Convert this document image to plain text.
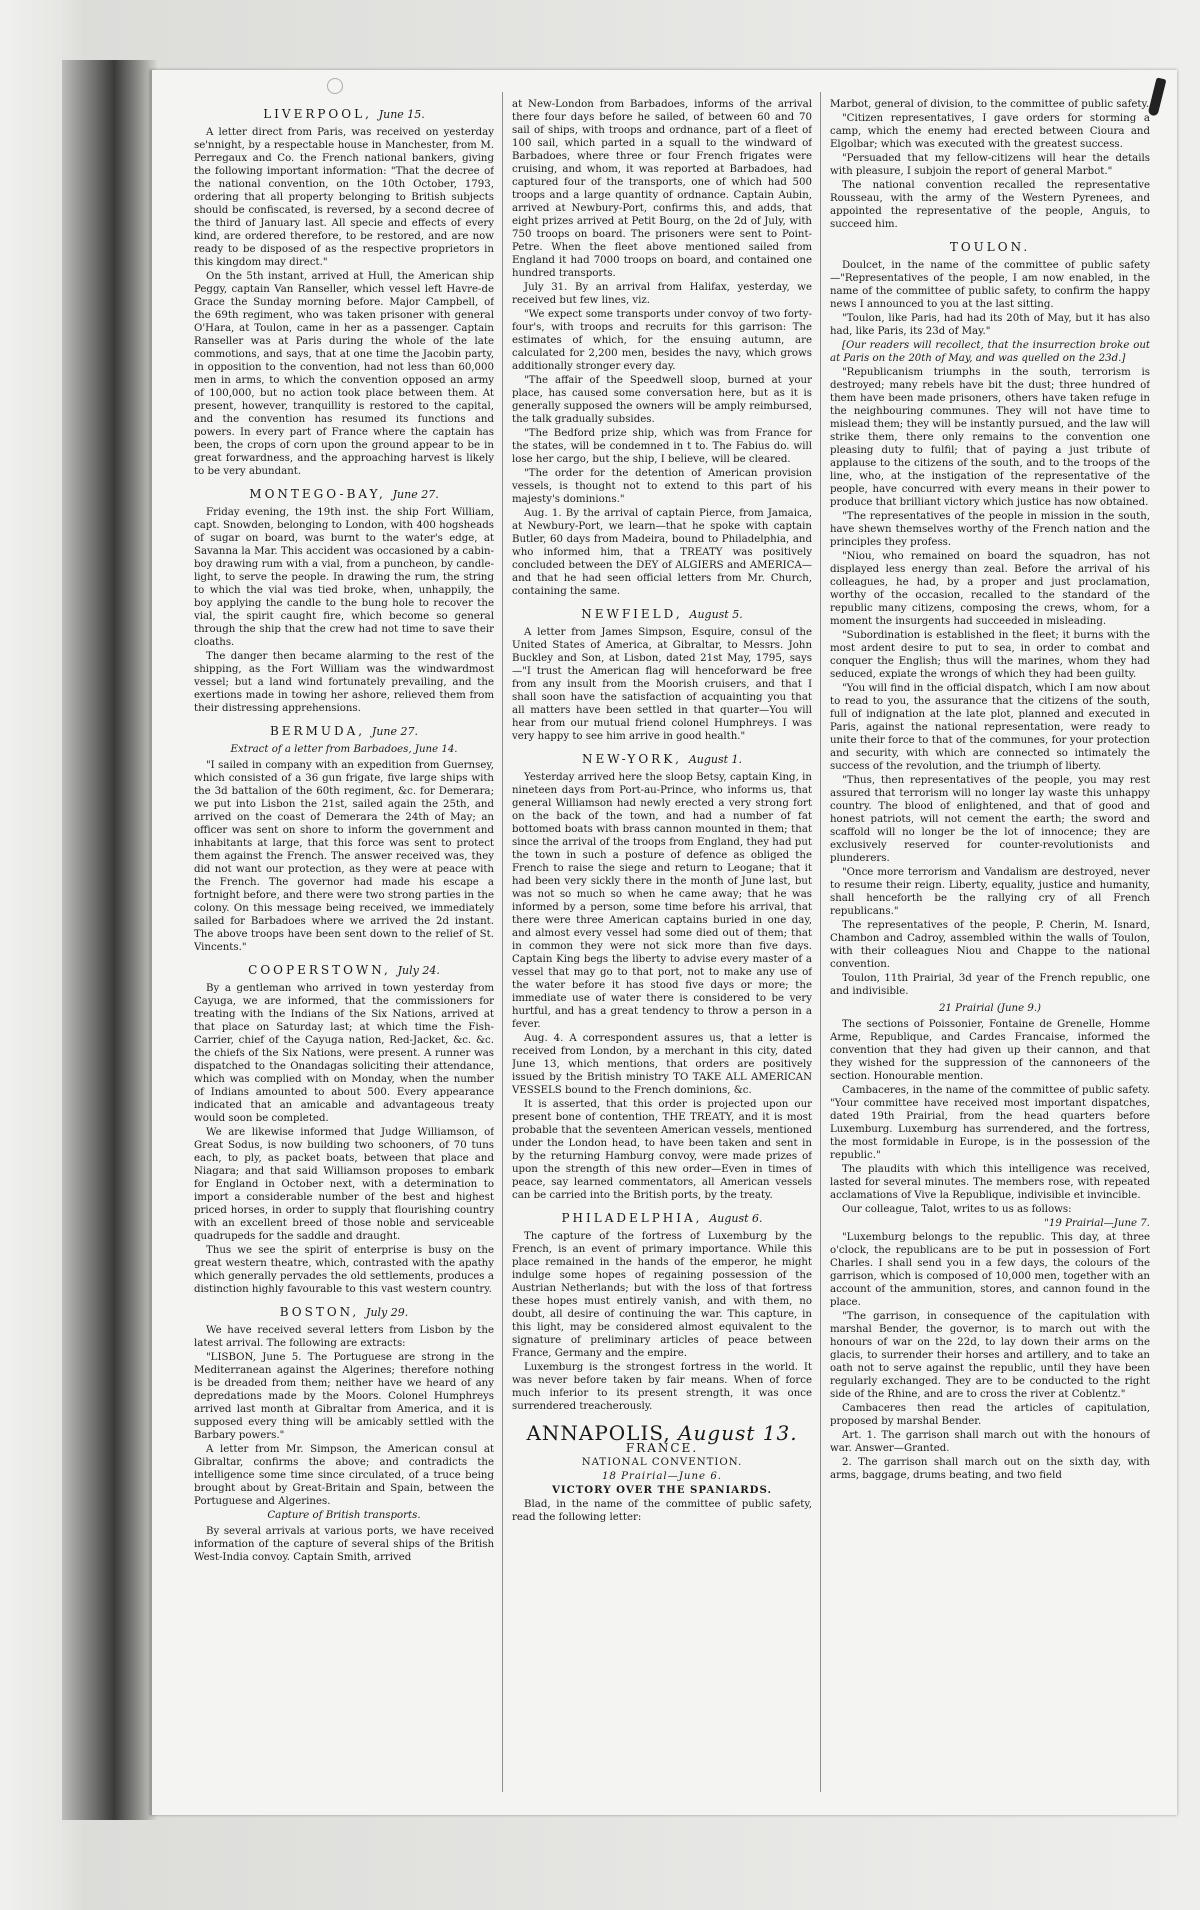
LIVERPOOL, June 15.

A letter direct from Paris, was received on yesterday se'nnight, by a respectable house in Manchester, from M. Perregaux and Co. the French national bankers, giving the following important information: "That the decree of the national convention, on the 10th October, 1793, ordering that all property belonging to British subjects should be confiscated, is reversed, by a second decree of the third of January last. All specie and effects of every kind, are ordered therefore, to be restored, and are now ready to be disposed of as the respective proprietors in this kingdom may direct."

On the 5th instant, arrived at Hull, the American ship Peggy, captain Van Ranseller, which vessel left Havre-de Grace the Sunday morning before. Major Campbell, of the 69th regiment, who was taken prisoner with general O'Hara, at Toulon, came in her as a passenger. Captain Ranseller was at Paris during the whole of the late commotions, and says, that at one time the Jacobin party, in opposition to the convention, had not less than 60,000 men in arms, to which the convention opposed an army of 100,000, but no action took place between them. At present, however, tranquillity is restored to the capital, and the convention has resumed its functions and powers. In every part of France where the captain has been, the crops of corn upon the ground appear to be in great forwardness, and the approaching harvest is likely to be very abundant.

MONTEGO-BAY, June 27.

Friday evening, the 19th inst. the ship Fort William, capt. Snowden, belonging to London, with 400 hogsheads of sugar on board, was burnt to the water's edge, at Savanna la Mar. This accident was occasioned by a cabin-boy drawing rum with a vial, from a puncheon, by candle-light, to serve the people. In drawing the rum, the string to which the vial was tied broke, when, unhappily, the boy applying the candle to the bung hole to recover the vial, the spirit caught fire, which become so general through the ship that the crew had not time to save their cloaths.

The danger then became alarming to the rest of the shipping, as the Fort William was the windwardmost vessel; but a land wind fortunately prevailing, and the exertions made in towing her ashore, relieved them from their distressing apprehensions.

BERMUDA, June 27.
Extract of a letter from Barbadoes, June 14.

"I sailed in company with an expedition from Guernsey, which consisted of a 36 gun frigate, five large ships with the 3d battalion of the 60th regiment, &c. for Demerara; we put into Lisbon the 21st, sailed again the 25th, and arrived on the coast of Demerara the 24th of May; an officer was sent on shore to inform the government and inhabitants at large, that this force was sent to protect them against the French. The answer received was, they did not want our protection, as they were at peace with the French. The governor had made his escape a fortnight before, and there were two strong parties in the colony. On this message being received, we immediately sailed for Barbadoes where we arrived the 2d instant. The above troops have been sent down to the relief of St. Vincents."

COOPERSTOWN, July 24.

By a gentleman who arrived in town yesterday from Cayuga, we are informed, that the commissioners for treating with the Indians of the Six Nations, arrived at that place on Saturday last; at which time the Fish-Carrier, chief of the Cayuga nation, Red-Jacket, &c. &c. the chiefs of the Six Nations, were present. A runner was dispatched to the Onandagas soliciting their attendance, which was complied with on Monday, when the number of Indians amounted to about 500. Every appearance indicated that an amicable and advantageous treaty would soon be completed.

We are likewise informed that Judge Williamson, of Great Sodus, is now building two schooners, of 70 tuns each, to ply, as packet boats, between that place and Niagara; and that said Williamson proposes to embark for England in October next, with a determination to import a considerable number of the best and highest priced horses, in order to supply that flourishing country with an excellent breed of those noble and serviceable quadrupeds for the saddle and draught.

Thus we see the spirit of enterprise is busy on the great western theatre, which, contrasted with the apathy which generally pervades the old settlements, produces a distinction highly favourable to this vast western country.

BOSTON, July 29.

We have received several letters from Lisbon by the latest arrival. The following are extracts:

"LISBON, June 5. The Portuguese are strong in the Mediterranean against the Algerines; therefore nothing is be dreaded from them; neither have we heard of any depredations made by the Moors. Colonel Humphreys arrived last month at Gibraltar from America, and it is supposed every thing will be amicably settled with the Barbary powers."

A letter from Mr. Simpson, the American consul at Gibraltar, confirms the above; and contradicts the intelligence some time since circulated, of a truce being brought about by Great-Britain and Spain, between the Portuguese and Algerines.

Capture of British transports.

By several arrivals at various ports, we have received information of the capture of several ships of the British West-India convoy. Captain Smith, arrived

at New-London from Barbadoes, informs of the arrival there four days before he sailed, of between 60 and 70 sail of ships, with troops and ordnance, part of a fleet of 100 sail, which parted in a squall to the windward of Barbadoes, where three or four French frigates were cruising, and whom, it was reported at Barbadoes, had captured four of the transports, one of which had 500 troops and a large quantity of ordnance. Captain Aubin, arrived at Newbury-Port, confirms this, and adds, that eight prizes arrived at Petit Bourg, on the 2d of July, with 750 troops on board. The prisoners were sent to Point-Petre. When the fleet above mentioned sailed from England it had 7000 troops on board, and contained one hundred transports.

July 31. By an arrival from Halifax, yesterday, we received but few lines, viz.

"We expect some transports under convoy of two forty-four's, with troops and recruits for this garrison: The estimates of which, for the ensuing autumn, are calculated for 2,200 men, besides the navy, which grows additionally stronger every day.

"The affair of the Speedwell sloop, burned at your place, has caused some conversation here, but as it is generally supposed the owners will be amply reimbursed, the talk gradually subsides.

"The Bedford prize ship, which was from France for the states, will be condemned in t to. The Fabius do. will lose her cargo, but the ship, I believe, will be cleared.

"The order for the detention of American provision vessels, is thought not to extend to this part of his majesty's dominions."

Aug. 1. By the arrival of captain Pierce, from Jamaica, at Newbury-Port, we learn—that he spoke with captain Butler, 60 days from Madeira, bound to Philadelphia, and who informed him, that a TREATY was positively concluded between the DEY of ALGIERS and AMERICA—and that he had seen official letters from Mr. Church, containing the same.

NEWFIELD, August 5.

A letter from James Simpson, Esquire, consul of the United States of America, at Gibraltar, to Messrs. John Buckley and Son, at Lisbon, dated 21st May, 1795, says—"I trust the American flag will henceforward be free from any insult from the Moorish cruisers, and that I shall soon have the satisfaction of acquainting you that all matters have been settled in that quarter—You will hear from our mutual friend colonel Humphreys. I was very happy to see him arrive in good health."

NEW-YORK, August 1.

Yesterday arrived here the sloop Betsy, captain King, in nineteen days from Port-au-Prince, who informs us, that general Williamson had newly erected a very strong fort on the back of the town, and had a number of fat bottomed boats with brass cannon mounted in them; that since the arrival of the troops from England, they had put the town in such a posture of defence as obliged the French to raise the siege and return to Leogane; that it had been very sickly there in the month of June last, but was not so much so when he came away; that he was informed by a person, some time before his arrival, that there were three American captains buried in one day, and almost every vessel had some died out of them; that in common they were not sick more than five days. Captain King begs the liberty to advise every master of a vessel that may go to that port, not to make any use of the water before it has stood five days or more; the immediate use of water there is considered to be very hurtful, and has a great tendency to throw a person in a fever.

Aug. 4. A correspondent assures us, that a letter is received from London, by a merchant in this city, dated June 13, which mentions, that orders are positively issued by the British ministry TO TAKE ALL AMERICAN VESSELS bound to the French dominions, &c.

It is asserted, that this order is projected upon our present bone of contention, THE TREATY, and it is most probable that the seventeen American vessels, mentioned under the London head, to have been taken and sent in by the returning Hamburg convoy, were made prizes of upon the strength of this new order—Even in times of peace, say learned commentators, all American vessels can be carried into the British ports, by the treaty.

PHILADELPHIA, August 6.

The capture of the fortress of Luxemburg by the French, is an event of primary importance. While this place remained in the hands of the emperor, he might indulge some hopes of regaining possession of the Austrian Netherlands; but with the loss of that fortress these hopes must entirely vanish, and with them, no doubt, all desire of continuing the war. This capture, in this light, may be considered almost equivalent to the signature of preliminary articles of peace between France, Germany and the empire.

Luxemburg is the strongest fortress in the world. It was never before taken by fair means. When of force much inferior to its present strength, it was once surrendered treacherously.

ANNAPOLIS, August 13.
FRANCE.
NATIONAL CONVENTION.
18 Prairial—June 6.
VICTORY OVER THE SPANIARDS.

Blad, in the name of the committee of public safety, read the following letter:

Marbot, general of division, to the committee of public safety.

"Citizen representatives, I gave orders for storming a camp, which the enemy had erected between Cioura and Elgolbar; which was executed with the greatest success.

"Persuaded that my fellow-citizens will hear the details with pleasure, I subjoin the report of general Marbot."

The national convention recalled the representative Rousseau, with the army of the Western Pyrenees, and appointed the representative of the people, Anguis, to succeed him.

TOULON.

Doulcet, in the name of the committee of public safety—"Representatives of the people, I am now enabled, in the name of the committee of public safety, to confirm the happy news I announced to you at the last sitting.

"Toulon, like Paris, had had its 20th of May, but it has also had, like Paris, its 23d of May."

[Our readers will recollect, that the insurrection broke out at Paris on the 20th of May, and was quelled on the 23d.]

"Republicanism triumphs in the south, terrorism is destroyed; many rebels have bit the dust; three hundred of them have been made prisoners, others have taken refuge in the neighbouring communes. They will not have time to mislead them; they will be instantly pursued, and the law will strike them, there only remains to the convention one pleasing duty to fulfil; that of paying a just tribute of applause to the citizens of the south, and to the troops of the line, who, at the instigation of the representative of the people, have concurred with every means in their power to produce that brilliant victory which justice has now obtained.

"The representatives of the people in mission in the south, have shewn themselves worthy of the French nation and the principles they profess.

"Niou, who remained on board the squadron, has not displayed less energy than zeal. Before the arrival of his colleagues, he had, by a proper and just proclamation, worthy of the occasion, recalled to the standard of the republic many citizens, composing the crews, whom, for a moment the insurgents had succeeded in misleading.

"Subordination is established in the fleet; it burns with the most ardent desire to put to sea, in order to combat and conquer the English; thus will the marines, whom they had seduced, expiate the wrongs of which they had been guilty.

"You will find in the official dispatch, which I am now about to read to you, the assurance that the citizens of the south, full of indignation at the late plot, planned and executed in Paris, against the national representation, were ready to unite their force to that of the communes, for your protection and security, with which are connected so intimately the success of the revolution, and the triumph of liberty.

"Thus, then representatives of the people, you may rest assured that terrorism will no longer lay waste this unhappy country. The blood of enlightened, and that of good and honest patriots, will not cement the earth; the sword and scaffold will no longer be the lot of innocence; they are exclusively reserved for counter-revolutionists and plunderers.

"Once more terrorism and Vandalism are destroyed, never to resume their reign. Liberty, equality, justice and humanity, shall henceforth be the rallying cry of all French republicans."

The representatives of the people, P. Cherin, M. Isnard, Chambon and Cadroy, assembled within the walls of Toulon, with their colleagues Niou and Chappe to the national convention.

Toulon, 11th Prairial, 3d year of the French republic, one and indivisible.

21 Prairial (June 9.)

The sections of Poissonier, Fontaine de Grenelle, Homme Arme, Republique, and Cardes Francaise, informed the convention that they had given up their cannon, and that they wished for the suppression of the cannoneers of the section. Honourable mention.

Cambaceres, in the name of the committee of public safety. "Your committee have received most important dispatches, dated 19th Prairial, from the head quarters before Luxemburg. Luxemburg has surrendered, and the fortress, the most formidable in Europe, is in the possession of the republic."

The plaudits with which this intelligence was received, lasted for several minutes. The members rose, with repeated acclamations of Vive la Republique, indivisible et invincible.

Our colleague, Talot, writes to us as follows:

"19 Prairial—June 7.

"Luxemburg belongs to the republic. This day, at three o'clock, the republicans are to be put in possession of Fort Charles. I shall send you in a few days, the colours of the garrison, which is composed of 10,000 men, together with an account of the ammunition, stores, and cannon found in the place.

"The garrison, in consequence of the capitulation with marshal Bender, the governor, is to march out with the honours of war on the 22d, to lay down their arms on the glacis, to surrender their horses and artillery, and to take an oath not to serve against the republic, until they have been regularly exchanged. They are to be conducted to the right side of the Rhine, and are to cross the river at Coblentz."

Cambaceres then read the articles of capitulation, proposed by marshal Bender.

Art. 1. The garrison shall march out with the honours of war. Answer—Granted.

2. The garrison shall march out on the sixth day, with arms, baggage, drums beating, and two field
